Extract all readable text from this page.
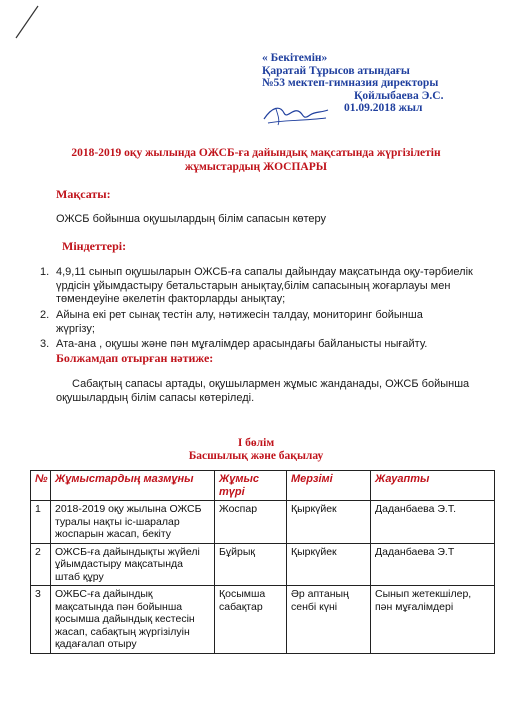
« Бекітемін»
Қаратай Тұрысов атындағы
№53 мектеп-гимназия директоры
Қойлыбаева Э.С.
01.09.2018 жыл
2018-2019 оқу жылында ОЖСБ-ға дайындық мақсатында жүргізілетін
жұмыстардың ЖОСПАРЫ
Мақсаты:
ОЖСБ бойынша оқушылардың білім сапасын көтеру
Міндеттері:
1. 4,9,11 сынып оқушыларын ОЖСБ-ға сапалы дайындау мақсатында оқу-тәрбиелік
үрдісін ұйымдастыру бетальстарын анықтау,білім сапасының жоғарлауы мен
төмендеуіне әкелетін факторларды анықтау;
2. Айына екі рет сынақ тестін алу, нәтижесін талдау, мониторинг бойынша
жүргізу;
3. Ата-ана , оқушы және пән мұғалімдер арасындағы байланысты нығайту.
Болжамдап отырған нәтиже:
Сабақтың сапасы артады, оқушылармен жұмыс жанданады, ОЖСБ бойынша
оқушылардың білім сапасы көтеріледі.
І бөлім
Басшылық және бақылау
№	Жұмыстардың мазмұны	Жұмыс түрі	Мерзімі	Жауапты
1	2018-2019 оқу жылына ОЖСБ туралы нақты іс-шаралар жоспарын жасап, бекіту	Жоспар	Қыркүйек	Даданбаева Э.Т.
2	ОЖСБ-ға дайындықты жүйелі ұйымдастыру мақсатында штаб құру	Бұйрық	Қыркүйек	Даданбаева Э.Т
3	ОЖБС-ға дайындық мақсатында пән бойынша қосымша дайындық кестесін жасап, сабақтың жүргізілуін қадағалап отыру	Қосымша сабақтар	Әр аптаның сенбі күні	Сынып жетекшілер, пән мұғалімдері
